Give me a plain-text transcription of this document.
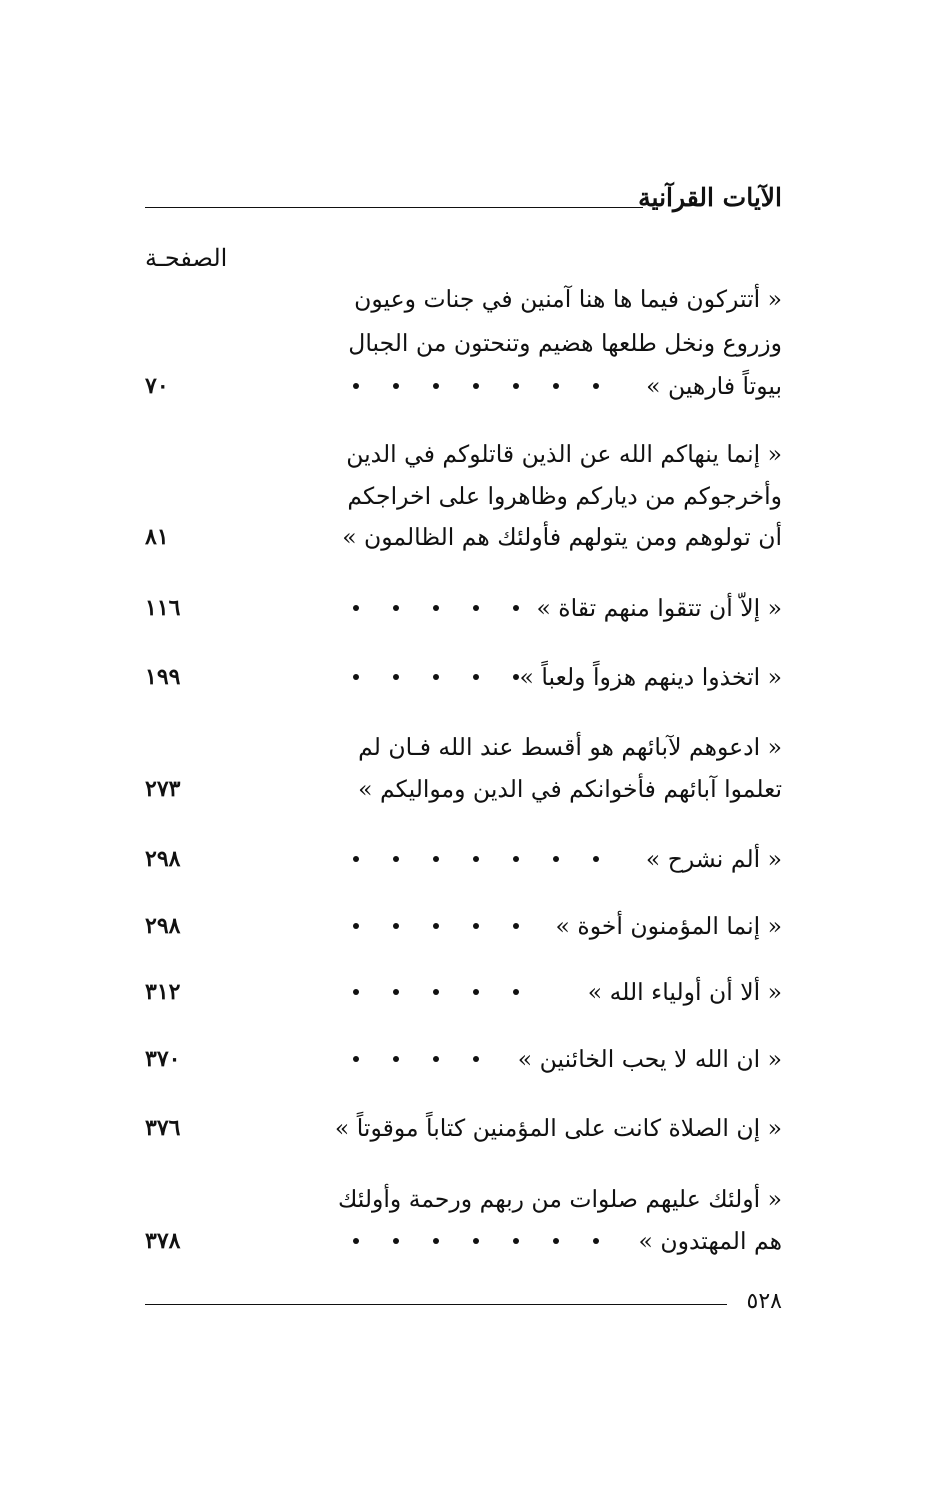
الآيات القرآنية
الصفحـة
« أتتركون فيما ها هنا آمنين في جنات وعيون
وزروع ونخل طلعها هضيم وتنحتون من الجبال
بيوتاً فارهين »
٧٠
« إنما ينهاكم الله عن الذين قاتلوكم في الدين
وأخرجوكم من دياركم وظاهروا على اخراجكم
أن تولوهم ومن يتولهم فأولئك هم الظالمون »
٨١
« إلاّ أن تتقوا منهم تقاة »
١١٦
« اتخذوا دينهم هزواً ولعباً »
١٩٩
« ادعوهم لآبائهم هو أقسط عند الله فـان لم
تعلموا آبائهم فأخوانكم في الدين ومواليكم »
٢٧٣
« ألم نشرح »
٢٩٨
« إنما المؤمنون أخوة »
٢٩٨
« ألا أن أولياء الله »
٣١٢
« ان الله لا يحب الخائنين »
٣٧٠
« إن الصلاة كانت على المؤمنين كتاباً موقوتاً »
٣٧٦
« أولئك عليهم صلوات من ربهم ورحمة وأولئك
هم المهتدون »
٣٧٨
٥٢٨
